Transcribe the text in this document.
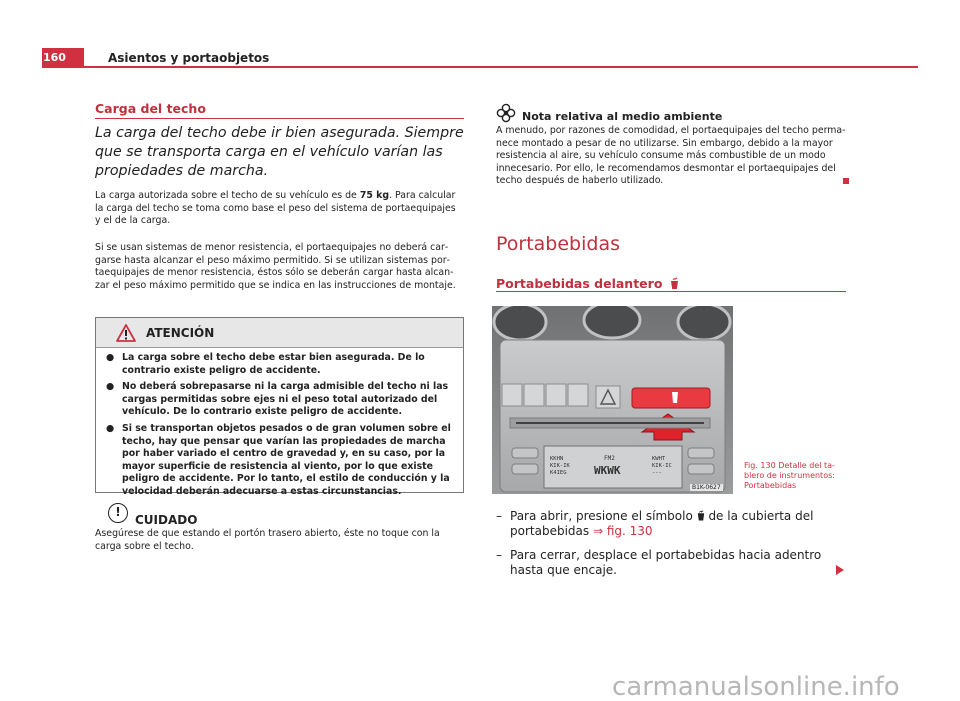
160	Asientos y portaobjetos
Carga del techo
La carga del techo debe ir bien asegurada. Siempre que se transporta carga en el vehículo varían las propiedades de marcha.
La carga autorizada sobre el techo de su vehículo es de 75 kg. Para calcular la carga del techo se toma como base el peso del sistema de portaequipajes y el de la carga.
Si se usan sistemas de menor resistencia, el portaequipajes no deberá cargarse hasta alcanzar el peso máximo permitido. Si se utilizan sistemas portaequipajes de menor resistencia, éstos sólo se deberán cargar hasta alcanzar el peso máximo permitido que se indica en las instrucciones de montaje.
ATENCIÓN
● La carga sobre el techo debe estar bien asegurada. De lo contrario existe peligro de accidente.
● No deberá sobrepasarse ni la carga admisible del techo ni las cargas permitidas sobre ejes ni el peso total autorizado del vehículo. De lo contrario existe peligro de accidente.
● Si se transportan objetos pesados o de gran volumen sobre el techo, hay que pensar que varían las propiedades de marcha por haber variado el centro de gravedad y, en su caso, por la mayor superficie de resistencia al viento, por lo que existe peligro de accidente. Por lo tanto, el estilo de conducción y la velocidad deberán adecuarse a estas circunstancias.
!
CUIDADO
Asegúrese de que estando el portón trasero abierto, éste no toque con la carga sobre el techo.
Nota relativa al medio ambiente
A menudo, por razones de comodidad, el portaequipajes del techo permanece montado a pesar de no utilizarse. Sin embargo, debido a la mayor resistencia al aire, su vehículo consume más combustible de un modo innecesario. Por ello, le recomendamos desmontar el portaequipajes del techo después de haberlo utilizado.
Portabebidas
Portabebidas delantero
KKHN
KIK-IK
K4IEG
FM2
WKWK
KWHT
KIK-IC
---
B1K-0627
Fig. 130 Detalle del tablero de instrumentos: Portabebidas
– Para abrir, presione el símbolo  de la cubierta del portabebidas ⇒ fig. 130
– Para cerrar, desplace el portabebidas hacia adentro hasta que encaje.
carmanualsonline.info
